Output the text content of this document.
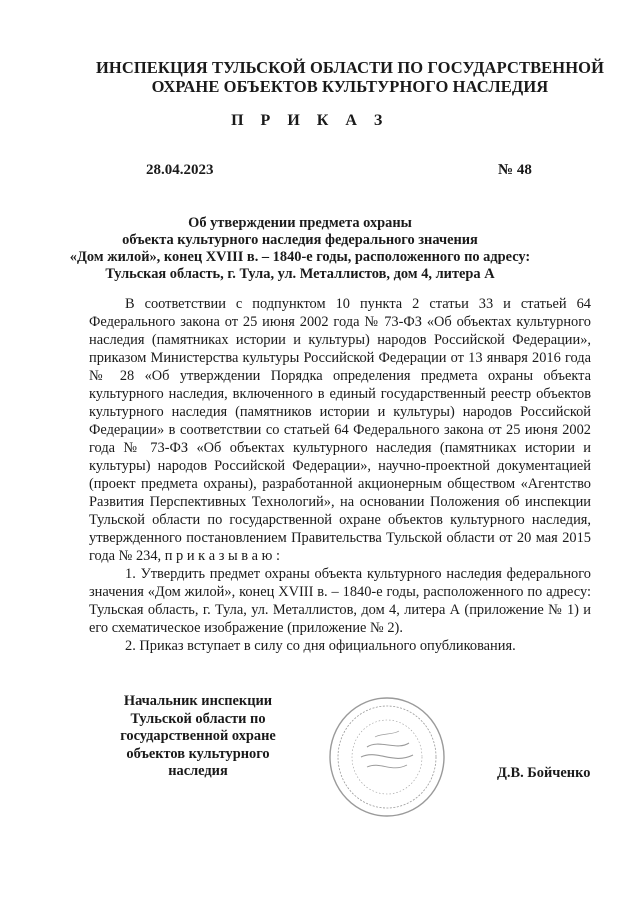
ИНСПЕКЦИЯ ТУЛЬСКОЙ ОБЛАСТИ ПО ГОСУДАРСТВЕННОЙ
ОХРАНЕ ОБЪЕКТОВ КУЛЬТУРНОГО НАСЛЕДИЯ
П Р И К А З
28.04.2023	№ 48
Об утверждении предмета охраны
объекта культурного наследия федерального значения
«Дом жилой», конец XVIII в. – 1840-е годы, расположенного по адресу:
Тульская область, г. Тула, ул. Металлистов, дом 4, литера А

В соответствии с подпунктом 10 пункта 2 статьи 33 и статьей 64 Федерального закона от 25 июня 2002 года № 73-ФЗ «Об объектах культурного наследия (памятниках истории и культуры) народов Российской Федерации», приказом Министерства культуры Российской Федерации от 13 января 2016 года № 28 «Об утверждении Порядка определения предмета охраны объекта культурного наследия, включенного в единый государственный реестр объектов культурного наследия (памятников истории и культуры) народов Российской Федерации» в соответствии со статьей 64 Федерального закона от 25 июня 2002 года № 73-ФЗ «Об объектах культурного наследия (памятниках истории и культуры) народов Российской Федерации», научно-проектной документацией (проект предмета охраны), разработанной акционерным обществом «Агентство Развития Перспективных Технологий», на основании Положения об инспекции Тульской области по государственной охране объектов культурного наследия, утвержденного постановлением Правительства Тульской области от 20 мая 2015 года № 234, п р и к а з ы в а ю :

1. Утвердить предмет охраны объекта культурного наследия федерального значения «Дом жилой», конец XVIII в. – 1840-е годы, расположенного по адресу: Тульская область, г. Тула, ул. Металлистов, дом 4, литера А (приложение № 1) и его схематическое изображение (приложение № 2).

2. Приказ вступает в силу со дня официального опубликования.

Начальник инспекции
Тульской области по
государственной охране
объектов культурного
наследия	Д.В. Бойченко
